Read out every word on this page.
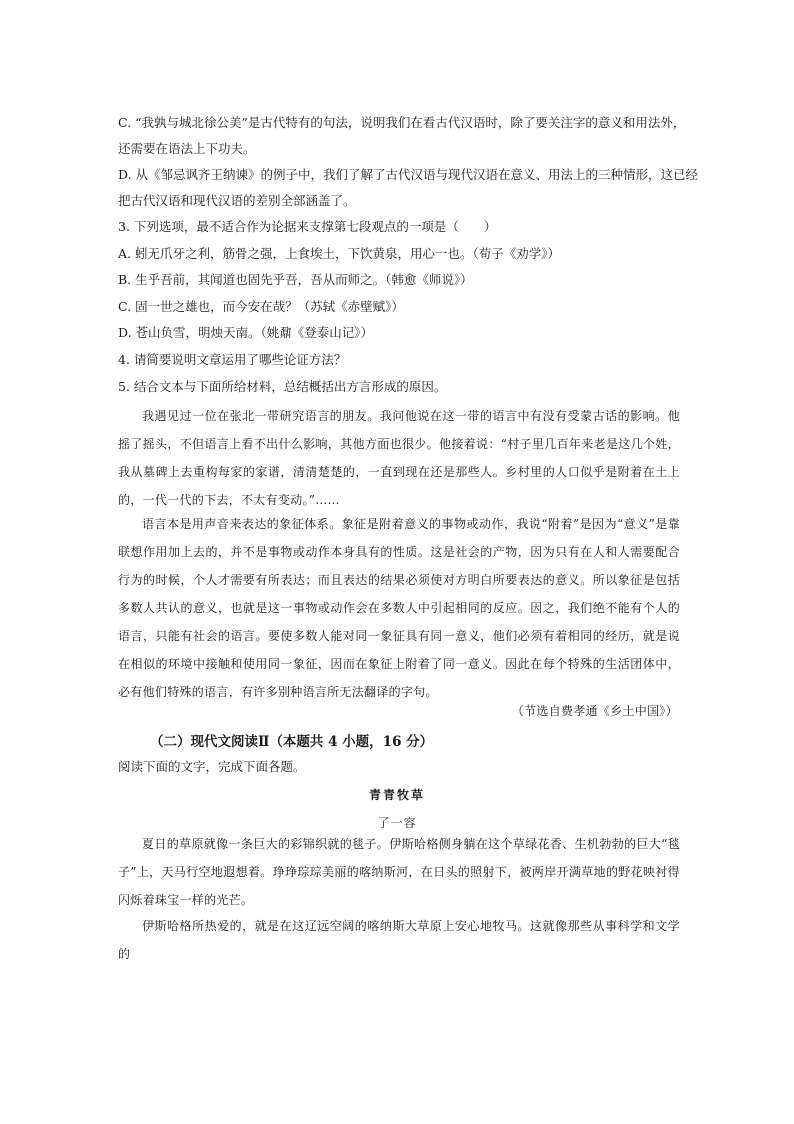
C. “我孰与城北徐公美”是古代特有的句法，说明我们在看古代汉语时，除了要关注字的意义和用法外，
还需要在语法上下功夫。
D. 从《邹忌讽齐王纳谏》的例子中，我们了解了古代汉语与现代汉语在意义、用法上的三种情形，这已经
把古代汉语和现代汉语的差别全部涵盖了。
3. 下列选项，最不适合作为论据来支撑第七段观点的一项是（　　）
A. 蚓无爪牙之利，筋骨之强，上食埃土，下饮黄泉，用心一也。（荀子《劝学》）
B. 生乎吾前，其闻道也固先乎吾，吾从而师之。（韩愈《师说》）
C. 固一世之雄也，而今安在哉？（苏轼《赤壁赋》）
D. 苍山负雪，明烛天南。（姚鼐《登泰山记》）
4. 请简要说明文章运用了哪些论证方法？
5. 结合文本与下面所给材料，总结概括出方言形成的原因。
我遇见过一位在张北一带研究语言的朋友。我问他说在这一带的语言中有没有受蒙古话的影响。他摇了摇头，不但语言上看不出什么影响，其他方面也很少。他接着说：“村子里几百年来老是这几个姓，我从墓碑上去重构每家的家谱，清清楚楚的，一直到现在还是那些人。乡村里的人口似乎是附着在土上的，一代一代的下去，不太有变动。”……
语言本是用声音来表达的象征体系。象征是附着意义的事物或动作，我说“附着”是因为“意义”是靠联想作用加上去的，并不是事物或动作本身具有的性质。这是社会的产物，因为只有在人和人需要配合行为的时候，个人才需要有所表达；而且表达的结果必须使对方明白所要表达的意义。所以象征是包括多数人共认的意义，也就是这一事物或动作会在多数人中引起相同的反应。因之，我们绝不能有个人的语言，只能有社会的语言。要使多数人能对同一象征具有同一意义，他们必须有着相同的经历，就是说在相似的环境中接触和使用同一象征，因而在象征上附着了同一意义。因此在每个特殊的生活团体中，必有他们特殊的语言，有许多别种语言所无法翻译的字句。
（节选自费孝通《乡土中国》）
（二）现代文阅读Ⅱ（本题共 4 小题，16 分）
阅读下面的文字，完成下面各题。
青青牧草
了一容
夏日的草原就像一条巨大的彩锦织就的毯子。伊斯哈格侧身躺在这个草绿花香、生机勃勃的巨大“毯子”上，天马行空地遐想着。琤琤琮琮美丽的喀纳斯河，在日头的照射下，被两岸开满草地的野花映衬得闪烁着珠宝一样的光芒。
伊斯哈格所热爱的，就是在这辽远空阔的喀纳斯大草原上安心地牧马。这就像那些从事科学和文学的
